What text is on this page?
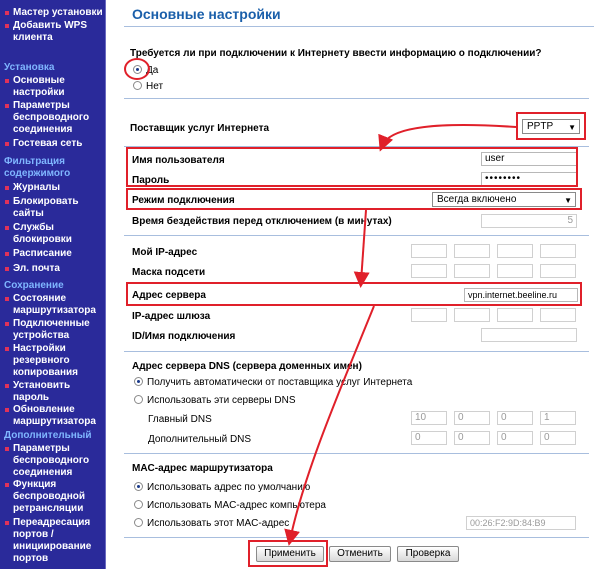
Мастер установки
Добавить WPS клиента
Установка
Основные настройки
Параметры беспроводного соединения
Гостевая сеть
Фильтрация содержимого
Журналы
Блокировать сайты
Службы блокировки
Расписание
Эл. почта
Сохранение
Состояние маршрутизатора
Подключенные устройства
Настройки резервного копирования
Установить пароль
Обновление маршрутизатора
Дополнительный
Параметры беспроводного соединения
Функция беспроводной ретрансляции
Переадресация портов / инициирование портов
Основные настройки
Требуется ли при подключении к Интернету ввести информацию о подключении?
Да
Нет
Поставщик услуг Интернета	PPTP ▼
Имя пользователя	user
Пароль	••••••••
Режим подключения	Всегда включено	▼
Время бездействия перед отключением (в минутах)	5
Мой IP-адрес
Маска подсети
Адрес сервера	vpn.internet.beeline.ru
IP-адрес шлюза
ID/Имя подключения
Адрес сервера DNS (сервера доменных имен)
Получить автоматически от поставщика услуг Интернета
Использовать эти серверы DNS
Главный DNS	10	0	0	1
Дополнительный DNS	0	0	0	0
MAC-адрес маршрутизатора
Использовать адрес по умолчанию
Использовать MAC-адрес компьютера
Использовать этот MAC-адрес	00:26:F2:9D:84:B9
Применить	Отменить	Проверка
